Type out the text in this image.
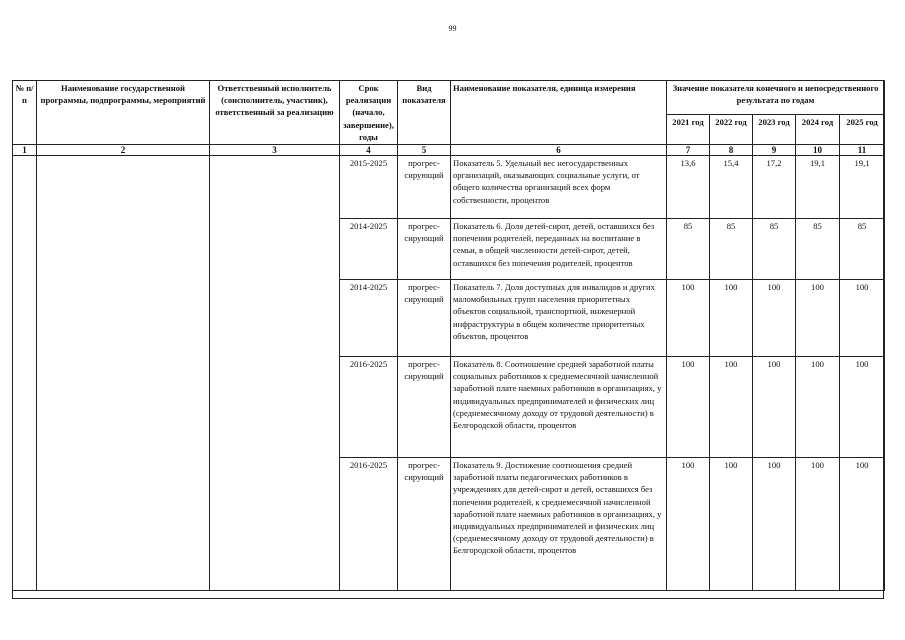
99
№ п/п	Наименование государственной программы, подпрограммы, мероприятий	Ответственный исполнитель (соисполнитель, участник), ответственный за реализацию	Срок реализации (начало, завершение), годы	Вид показателя	Наименование показателя, единица измерения	Значение показателя конечного и непосредственного результата по годам				
						2021 год	2022 год	2023 год	2024 год	2025 год
1	2	3	4	5	6	7	8	9	10	11
			2015-2025	прогрес-сирующий	Показатель 5. Удельный вес негосударственных организаций, оказывающих социальные услуги, от общего количества организаций всех форм собственности, процентов	13,6	15,4	17,2	19,1	19,1
			2014-2025	прогрес-сирующий	Показатель 6. Доля детей-сирот, детей, оставшихся без попечения родителей, переданных на воспитание в семьи, в общей численности детей-сирот, детей, оставшихся без попечения родителей, процентов	85	85	85	85	85
			2014-2025	прогрес-сирующий	Показатель 7. Доля доступных для инвалидов и других маломобильных групп населения приоритетных объектов социальной, транспортной, инженерной инфраструктуры в общем количестве приоритетных объектов, процентов	100	100	100	100	100
			2016-2025	прогрес-сирующий	Показатель 8. Соотношение средней заработной платы социальных работников к среднемесячной начисленной заработной плате наемных работников в организациях, у индивидуальных предпринимателей и физических лиц (среднемесячному доходу от трудовой деятельности) в Белгородской области, процентов	100	100	100	100	100
			2016-2025	прогрес-сирующий	Показатель 9. Достижение соотношения средней заработной платы педагогических работников в учреждениях для детей-сирот и детей, оставшихся без попечения родителей, к среднемесячной начисленной заработной плате наемных работников в организациях, у индивидуальных предпринимателей и физических лиц (среднемесячному доходу от трудовой деятельности) в Белгородской области, процентов	100	100	100	100	100
